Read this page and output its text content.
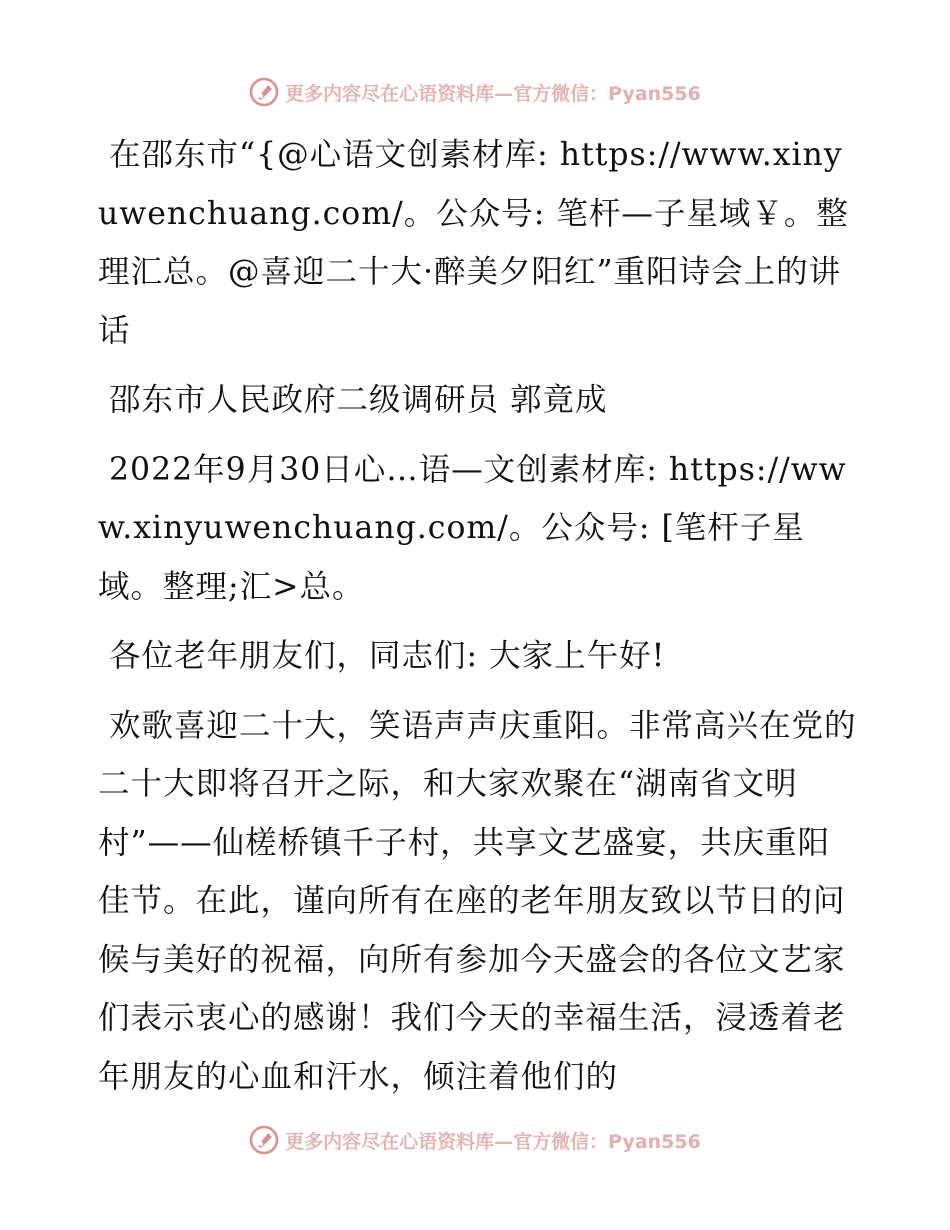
更多内容尽在心语资料库—官方微信：Pyan556

在邵东市“{@心语文创素材库: https://www.xinyuwenchuang.com/。公众号: 笔杆—子星域￥。整理汇总。@喜迎二十大·醉美夕阳红”重阳诗会上的讲话

邵东市人民政府二级调研员 郭竟成

2022年9月30日心…语—文创素材库: https://www.xinyuwenchuang.com/。公众号: [笔杆子星域。整理;汇>总。

各位老年朋友们，同志们: 大家上午好!

欢歌喜迎二十大，笑语声声庆重阳。非常高兴在党的二十大即将召开之际，和大家欢聚在“湖南省文明村”——仙槎桥镇千子村，共享文艺盛宴，共庆重阳佳节。在此，谨向所有在座的老年朋友致以节日的问候与美好的祝福，向所有参加今天盛会的各位文艺家们表示衷心的感谢！我们今天的幸福生活，浸透着老年朋友的心血和汗水，倾注着他们的

更多内容尽在心语资料库—官方微信：Pyan556
